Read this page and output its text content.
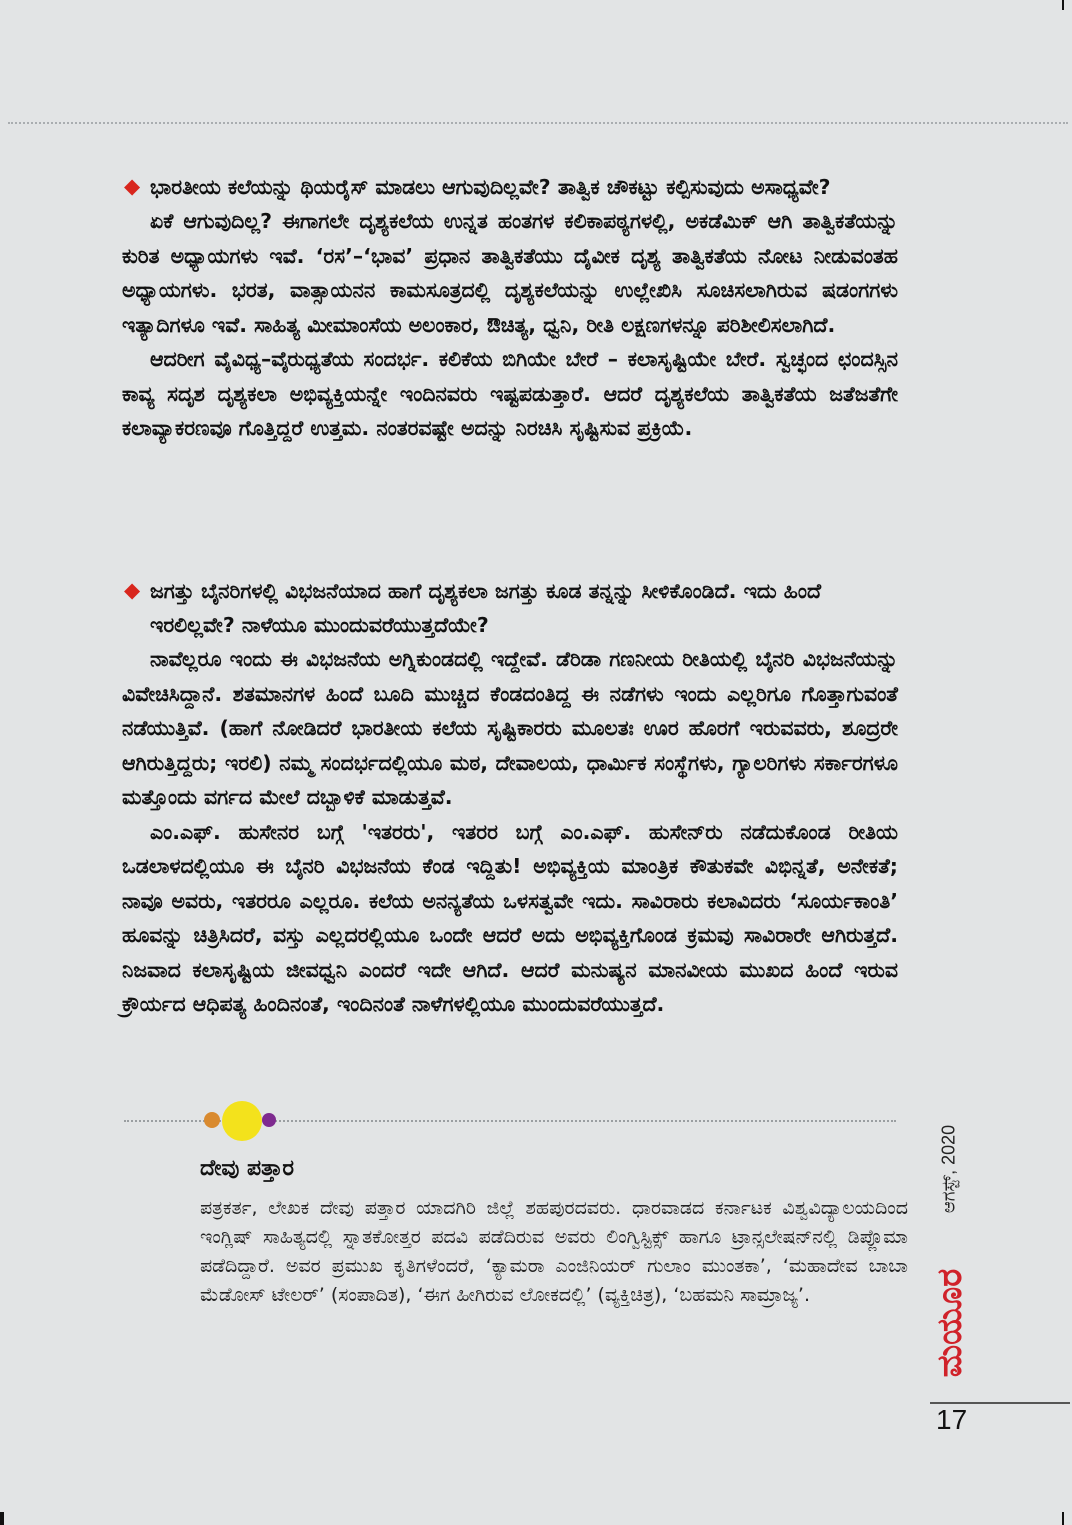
◆ ಭಾರತೀಯ ಕಲೆಯನ್ನು ಥಿಯರೈಸ್ ಮಾಡಲು ಆಗುವುದಿಲ್ಲವೇ? ತಾತ್ವಿಕ ಚೌಕಟ್ಟು ಕಲ್ಪಿಸುವುದು ಅಸಾಧ್ಯವೇ?

ಏಕೆ ಆಗುವುದಿಲ್ಲ? ಈಗಾಗಲೇ ದೃಶ್ಯಕಲೆಯ ಉನ್ನತ ಹಂತಗಳ ಕಲಿಕಾಪಠ್ಯಗಳಲ್ಲಿ, ಅಕಡೆಮಿಕ್ ಆಗಿ ತಾತ್ವಿಕತೆಯನ್ನು ಕುರಿತ ಅಧ್ಯಾಯಗಳು ಇವೆ. ‘ರಸ’–‘ಭಾವ’ ಪ್ರಧಾನ ತಾತ್ವಿಕತೆಯು ದೈವೀಕ ದೃಶ್ಯ ತಾತ್ವಿಕತೆಯ ನೋಟ ನೀಡುವಂತಹ ಅಧ್ಯಾಯಗಳು. ಭರತ, ವಾತ್ಸಾಯನನ ಕಾಮಸೂತ್ರದಲ್ಲಿ ದೃಶ್ಯಕಲೆಯನ್ನು ಉಲ್ಲೇಖಿಸಿ ಸೂಚಿಸಲಾಗಿರುವ ಷಡಂಗಗಳು ಇತ್ಯಾದಿಗಳೂ ಇವೆ. ಸಾಹಿತ್ಯ ಮೀಮಾಂಸೆಯ ಅಲಂಕಾರ, ಔಚಿತ್ಯ, ಧ್ವನಿ, ರೀತಿ ಲಕ್ಷಣಗಳನ್ನೂ ಪರಿಶೀಲಿಸಲಾಗಿದೆ.

ಆದರೀಗ ವೈವಿಧ್ಯ–ವೈರುಧ್ಯತೆಯ ಸಂದರ್ಭ. ಕಲಿಕೆಯ ಬಿಗಿಯೇ ಬೇರೆ – ಕಲಾಸೃಷ್ಟಿಯೇ ಬೇರೆ. ಸ್ವಚ್ಛಂದ ಛಂದಸ್ಸಿನ ಕಾವ್ಯ ಸದೃಶ ದೃಶ್ಯಕಲಾ ಅಭಿವ್ಯಕ್ತಿಯನ್ನೇ ಇಂದಿನವರು ಇಷ್ಟಪಡುತ್ತಾರೆ. ಆದರೆ ದೃಶ್ಯಕಲೆಯ ತಾತ್ವಿಕತೆಯ ಜತೆಜತೆಗೇ ಕಲಾವ್ಯಾಕರಣವೂ ಗೊತ್ತಿದ್ದರೆ ಉತ್ತಮ. ನಂತರವಷ್ಟೇ ಅದನ್ನು ನಿರಚಿಸಿ ಸೃಷ್ಟಿಸುವ ಪ್ರಕ್ರಿಯೆ.

◆ ಜಗತ್ತು ಬೈನರಿಗಳಲ್ಲಿ ವಿಭಜನೆಯಾದ ಹಾಗೆ ದೃಶ್ಯಕಲಾ ಜಗತ್ತು ಕೂಡ ತನ್ನನ್ನು ಸೀಳಿಕೊಂಡಿದೆ. ಇದು ಹಿಂದೆ ಇರಲಿಲ್ಲವೇ? ನಾಳೆಯೂ ಮುಂದುವರೆಯುತ್ತದೆಯೇ?

ನಾವೆಲ್ಲರೂ ಇಂದು ಈ ವಿಭಜನೆಯ ಅಗ್ನಿಕುಂಡದಲ್ಲಿ ಇದ್ದೇವೆ. ಡೆರಿಡಾ ಗಣನೀಯ ರೀತಿಯಲ್ಲಿ ಬೈನರಿ ವಿಭಜನೆಯನ್ನು ವಿವೇಚಿಸಿದ್ದಾನೆ. ಶತಮಾನಗಳ ಹಿಂದೆ ಬೂದಿ ಮುಚ್ಚಿದ ಕೆಂಡದಂತಿದ್ದ ಈ ನಡೆಗಳು ಇಂದು ಎಲ್ಲರಿಗೂ ಗೊತ್ತಾಗುವಂತೆ ನಡೆಯುತ್ತಿವೆ. (ಹಾಗೆ ನೋಡಿದರೆ ಭಾರತೀಯ ಕಲೆಯ ಸೃಷ್ಟಿಕಾರರು ಮೂಲತಃ ಊರ ಹೊರಗೆ ಇರುವವರು, ಶೂದ್ರರೇ ಆಗಿರುತ್ತಿದ್ದರು; ಇರಲಿ) ನಮ್ಮ ಸಂದರ್ಭದಲ್ಲಿಯೂ ಮಠ, ದೇವಾಲಯ, ಧಾರ್ಮಿಕ ಸಂಸ್ಥೆಗಳು, ಗ್ಯಾಲರಿಗಳು ಸರ್ಕಾರಗಳೂ ಮತ್ತೊಂದು ವರ್ಗದ ಮೇಲೆ ದಬ್ಬಾಳಿಕೆ ಮಾಡುತ್ತವೆ.

ಎಂ.ಎಫ್. ಹುಸೇನರ ಬಗ್ಗೆ 'ಇತರರು', ಇತರರ ಬಗ್ಗೆ ಎಂ.ಎಫ್. ಹುಸೇನ್‌ರು ನಡೆದುಕೊಂಡ ರೀತಿಯ ಒಡಲಾಳದಲ್ಲಿಯೂ ಈ ಬೈನರಿ ವಿಭಜನೆಯ ಕೆಂಡ ಇದ್ದಿತು! ಅಭಿವ್ಯಕ್ತಿಯ ಮಾಂತ್ರಿಕ ಕೌತುಕವೇ ವಿಭಿನ್ನತೆ, ಅನೇಕತೆ; ನಾವೂ ಅವರು, ಇತರರೂ ಎಲ್ಲರೂ. ಕಲೆಯ ಅನನ್ಯತೆಯ ಒಳಸತ್ವವೇ ಇದು. ಸಾವಿರಾರು ಕಲಾವಿದರು ‘ಸೂರ್ಯಕಾಂತಿ’ ಹೂವನ್ನು ಚಿತ್ರಿಸಿದರೆ, ವಸ್ತು ಎಲ್ಲದರಲ್ಲಿಯೂ ಒಂದೇ ಆದರೆ ಅದು ಅಭಿವ್ಯಕ್ತಿಗೊಂಡ ಕ್ರಮವು ಸಾವಿರಾರೇ ಆಗಿರುತ್ತದೆ. ನಿಜವಾದ ಕಲಾಸೃಷ್ಟಿಯ ಜೀವಧ್ವನಿ ಎಂದರೆ ಇದೇ ಆಗಿದೆ. ಆದರೆ ಮನುಷ್ಯನ ಮಾನವೀಯ ಮುಖದ ಹಿಂದೆ ಇರುವ ಕ್ರೌರ್ಯದ ಆಧಿಪತ್ಯ ಹಿಂದಿನಂತೆ, ಇಂದಿನಂತೆ ನಾಳೆಗಳಲ್ಲಿಯೂ ಮುಂದುವರೆಯುತ್ತದೆ.

ದೇವು ಪತ್ತಾರ

ಪತ್ರಕರ್ತ, ಲೇಖಕ ದೇವು ಪತ್ತಾರ ಯಾದಗಿರಿ ಜಿಲ್ಲೆ ಶಹಪುರದವರು. ಧಾರವಾಡದ ಕರ್ನಾಟಕ ವಿಶ್ವವಿದ್ಯಾಲಯದಿಂದ ಇಂಗ್ಲಿಷ್ ಸಾಹಿತ್ಯದಲ್ಲಿ ಸ್ನಾತಕೋತ್ತರ ಪದವಿ ಪಡೆದಿರುವ ಅವರು ಲಿಂಗ್ವಿಸ್ಟಿಕ್ಸ್ ಹಾಗೂ ಟ್ರಾನ್ಸಲೇಷನ್‌ನಲ್ಲಿ ಡಿಪ್ಲೊಮಾ ಪಡೆದಿದ್ದಾರೆ. ಅವರ ಪ್ರಮುಖ ಕೃತಿಗಳೆಂದರೆ, ‘ಕ್ಯಾಮರಾ ಎಂಜಿನಿಯರ್ ಗುಲಾಂ ಮುಂತಕಾ’, ‘ಮಹಾದೇವ ಬಾಬಾ ಮೆಡೋಸ್ ಟೇಲರ್’ (ಸಂಪಾದಿತ), ‘ಈಗ ಹೀಗಿರುವ ಲೋಕದಲ್ಲಿ’ (ವ್ಯಕ್ತಿಚಿತ್ರ), ‘ಬಹಮನಿ ಸಾಮ್ರಾಜ್ಯ’.

ಆಗಸ್ಟ್, 2020
ಮಯೂರ
17
